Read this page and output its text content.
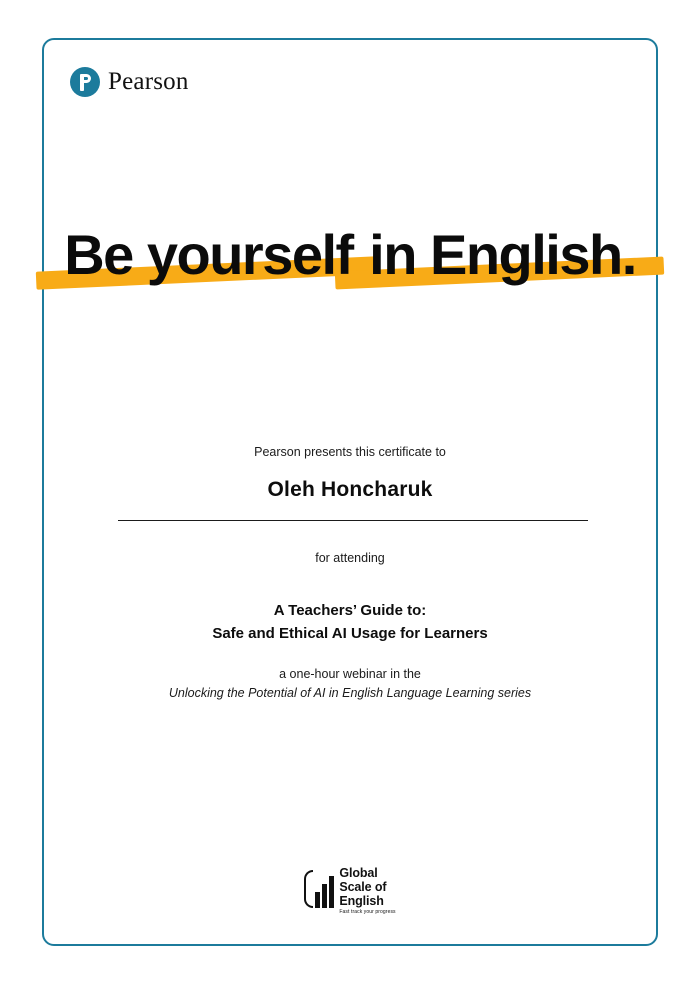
Pearson
Be yourself in English.
Pearson presents this certificate to
Oleh Honcharuk
for attending
A Teachers’ Guide to:
Safe and Ethical AI Usage for Learners
a one-hour webinar in the
Unlocking the Potential of AI in English Language Learning series
Global
Scale of
English
Fast track your progress
